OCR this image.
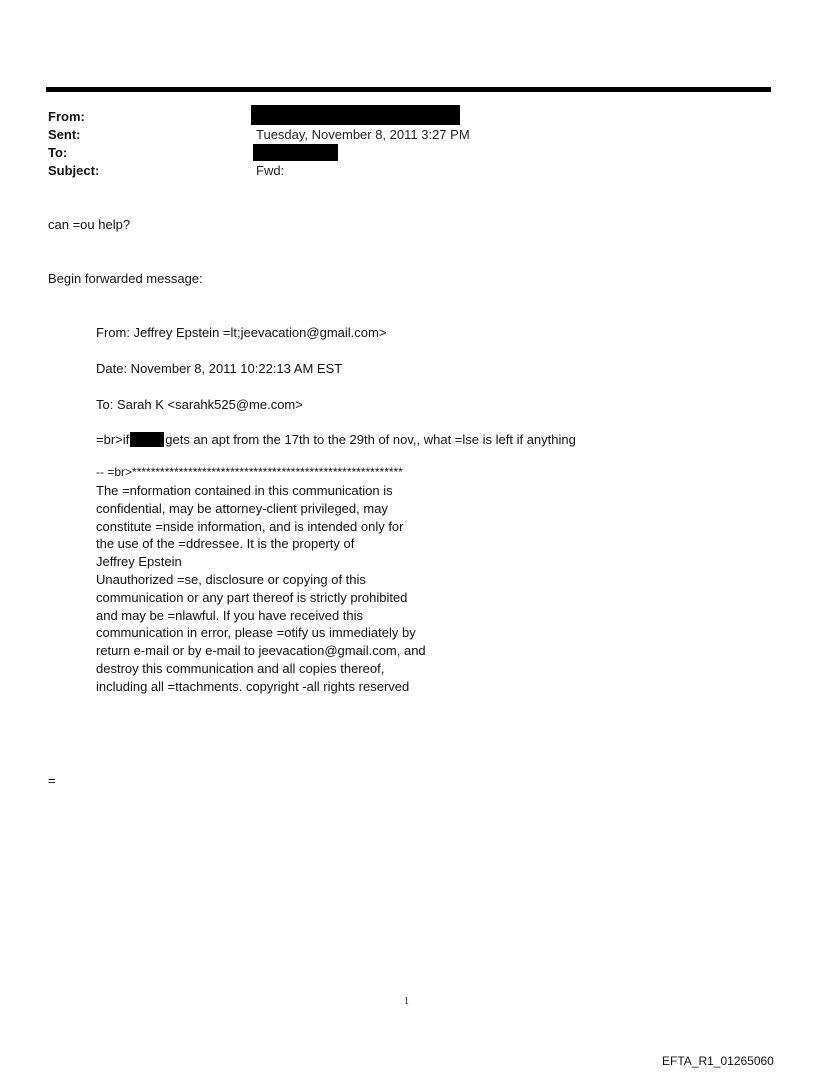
From:
Sent:	Tuesday, November 8, 2011 3:27 PM
To:
Subject:	Fwd:
can =ou help?
Begin forwarded message:
From: Jeffrey Epstein =lt;jeevacation@gmail.com>
Date: November 8, 2011 10:22:13 AM EST
To: Sarah K <sarahk525@me.com>
=br>if	gets an apt from the 17th to the 29th of nov,, what =lse is left if anything
-- =br>**********************************************************
The =nformation contained in this communication is
confidential, may be attorney-client privileged, may
constitute =nside information, and is intended only for
the use of the =ddressee. It is the property of
Jeffrey Epstein
Unauthorized =se, disclosure or copying of this
communication or any part thereof is strictly prohibited
and may be =nlawful. If you have received this
communication in error, please =otify us immediately by
return e-mail or by e-mail to jeevacation@gmail.com, and
destroy this communication and all copies thereof,
including all =ttachments. copyright -all rights reserved
=
1
EFTA_R1_01265060
